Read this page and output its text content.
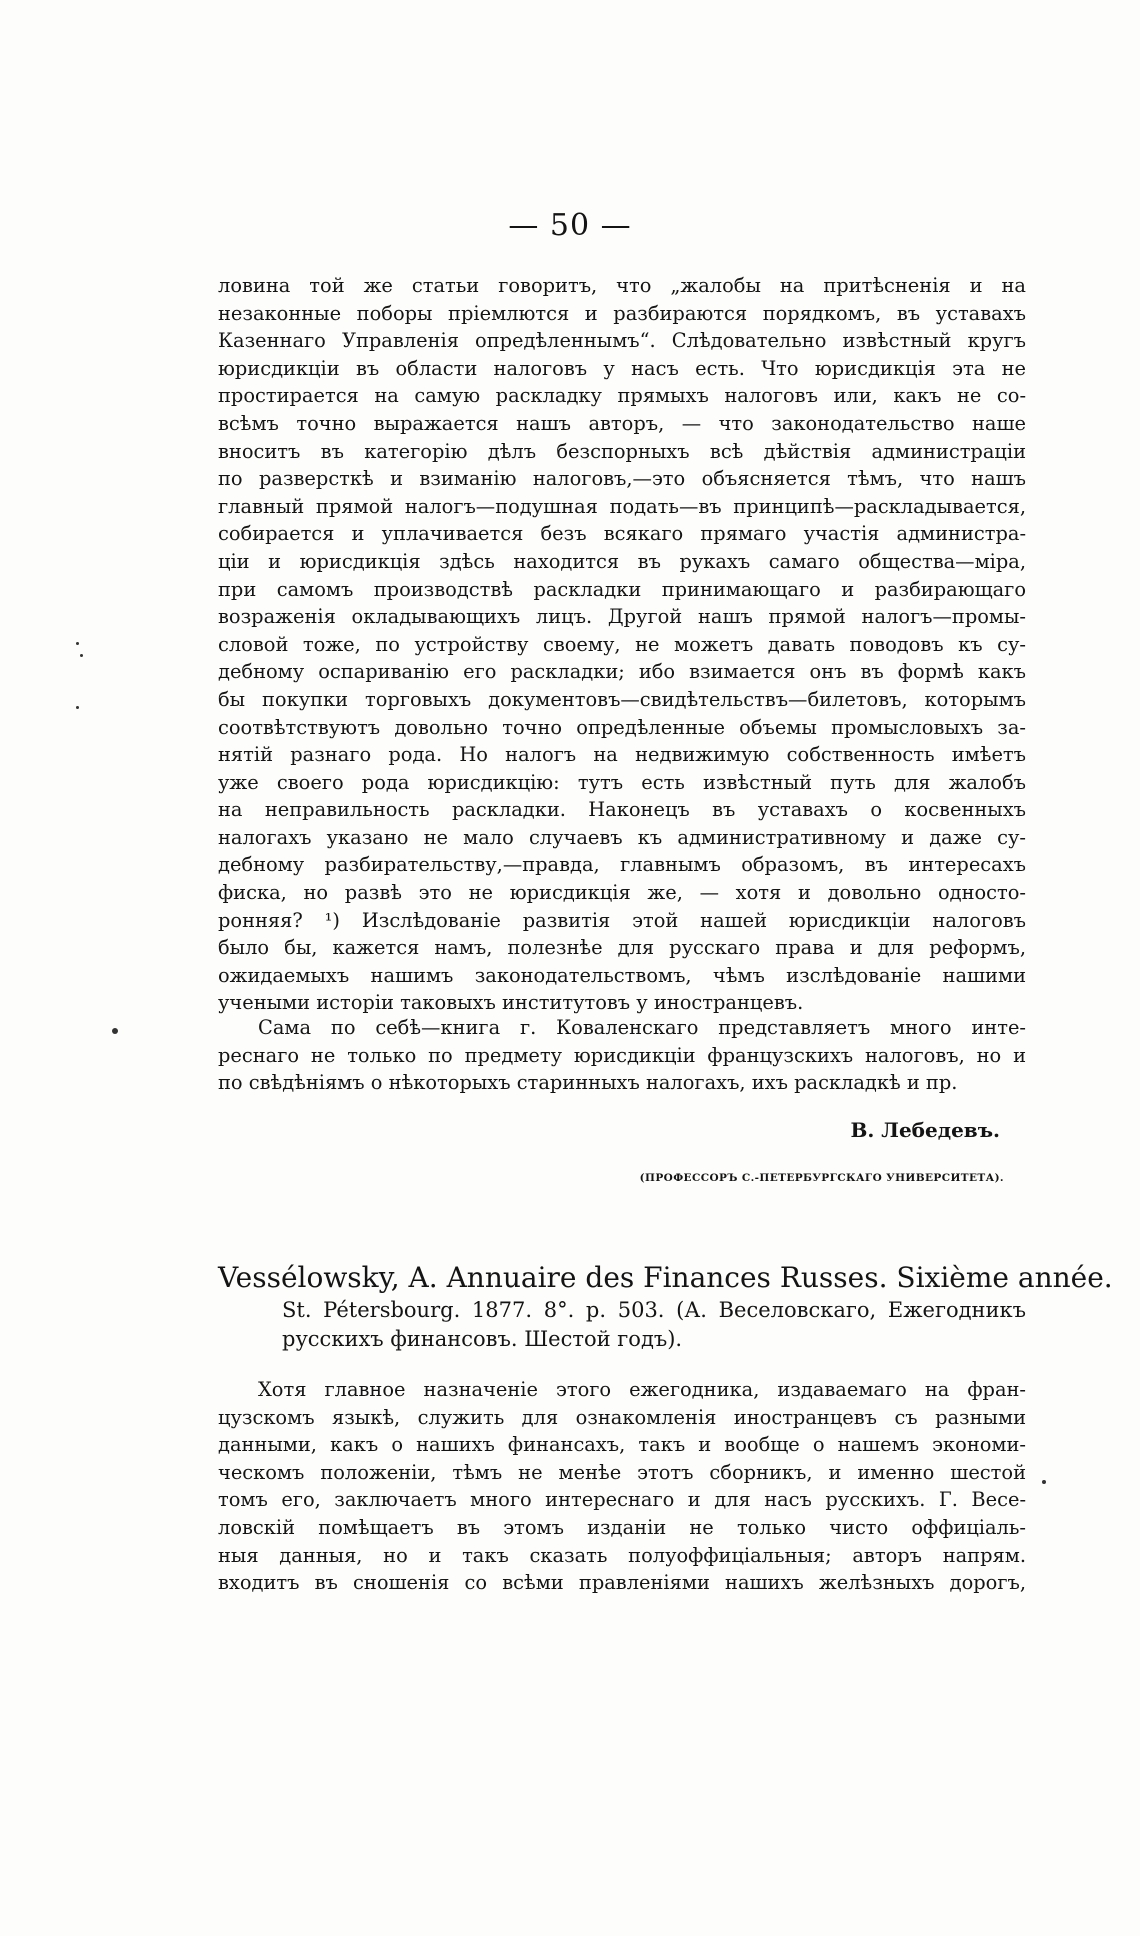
— 50 —
ловина той же статьи говоритъ, что „жалобы на притѣсненія и на
незаконные поборы пріемлются и разбираются порядкомъ, въ уставахъ
Казеннаго Управленія опредѣленнымъ“. Слѣдовательно извѣстный кругъ
юрисдикціи въ области налоговъ у насъ есть. Что юрисдикція эта не
простирается на самую раскладку прямыхъ налоговъ или, какъ не со-
всѣмъ точно выражается нашъ авторъ, — что законодательство наше
вноситъ въ категорію дѣлъ безспорныхъ всѣ дѣйствія администраціи
по разверсткѣ и взиманію налоговъ,—это объясняется тѣмъ, что нашъ
главный прямой налогъ—подушная подать—въ принципѣ—раскладывается,
собирается и уплачивается безъ всякаго прямаго участія администра-
ціи и юрисдикція здѣсь находится въ рукахъ самаго общества—міра,
при самомъ производствѣ раскладки принимающаго и разбирающаго
возраженія окладывающихъ лицъ. Другой нашъ прямой налогъ—промы-
словой тоже, по устройству своему, не можетъ давать поводовъ къ су-
дебному оспариванію его раскладки; ибо взимается онъ въ формѣ какъ
бы покупки торговыхъ документовъ—свидѣтельствъ—билетовъ, которымъ
соотвѣтствуютъ довольно точно опредѣленные объемы промысловыхъ за-
нятій разнаго рода. Но налогъ на недвижимую собственность имѣетъ
уже своего рода юрисдикцію: тутъ есть извѣстный путь для жалобъ
на неправильность раскладки. Наконецъ въ уставахъ о косвенныхъ
налогахъ указано не мало случаевъ къ административному и даже су-
дебному разбирательству,—правда, главнымъ образомъ, въ интересахъ
фиска, но развѣ это не юрисдикція же, — хотя и довольно односто-
ронняя? ¹) Изслѣдованіе развитія этой нашей юрисдикціи налоговъ
было бы, кажется намъ, полезнѣе для русскаго права и для реформъ,
ожидаемыхъ нашимъ законодательствомъ, чѣмъ изслѣдованіе нашими
учеными исторіи таковыхъ институтовъ у иностранцевъ.
Сама по себѣ—книга г. Коваленскаго представляетъ много инте-
реснаго не только по предмету юрисдикціи французскихъ налоговъ, но и
по свѣдѣніямъ о нѣкоторыхъ старинныхъ налогахъ, ихъ раскладкѣ и пр.
В. Лебедевъ.
(ПРОФЕССОРЪ С.-ПЕТЕРБУРГСКАГО УНИВЕРСИТЕТА).
Vessélowsky, A. Annuaire des Finances Russes. Sixième année.
St. Pétersbourg. 1877. 8°. p. 503. (А. Веселовскаго, Ежегодникъ
русскихъ финансовъ. Шестой годъ).
Хотя главное назначеніе этого ежегодника, издаваемаго на фран-
цузскомъ языкѣ, служить для ознакомленія иностранцевъ съ разными
данными, какъ о нашихъ финансахъ, такъ и вообще о нашемъ экономи-
ческомъ положеніи, тѣмъ не менѣе этотъ сборникъ, и именно шестой
томъ его, заключаетъ много интереснаго и для насъ русскихъ. Г. Весе-
ловскій помѣщаетъ въ этомъ изданіи не только чисто оффиціаль-
ныя данныя, но и такъ сказать полуоффиціальныя; авторъ напрям.
входитъ въ сношенія со всѣми правленіями нашихъ желѣзныхъ дорогъ,
